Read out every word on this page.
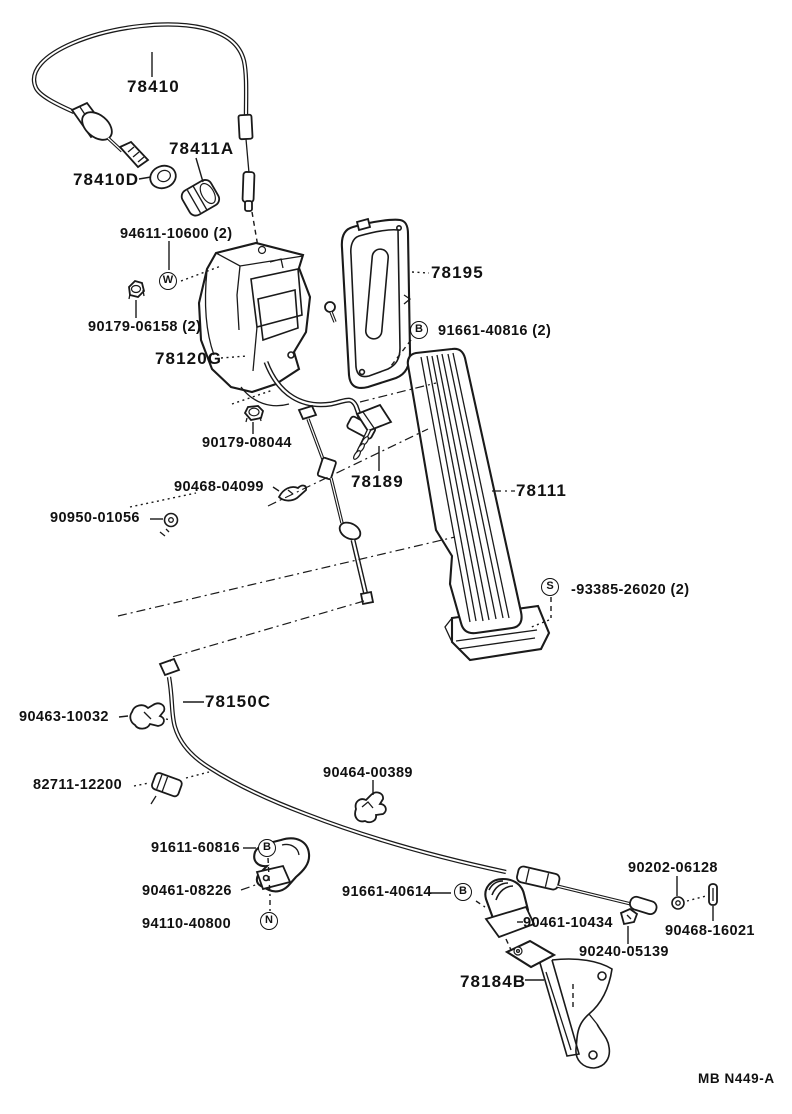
78410
78411A
78410D
94611-10600 (2)
78195
91661-40816 (2)
90179-06158 (2)
78120G
90179-08044
78189
90468-04099	78111
90950-01056
-93385-26020 (2)
78150C
90463-10032
82711-12200
90464-00389
91611-60816
90461-08226
94110-40800
90202-06128
91661-40614
90461-10434	90468-16021
90240-05139
78184B
W
B
S
B
N
B
MB N449-A
